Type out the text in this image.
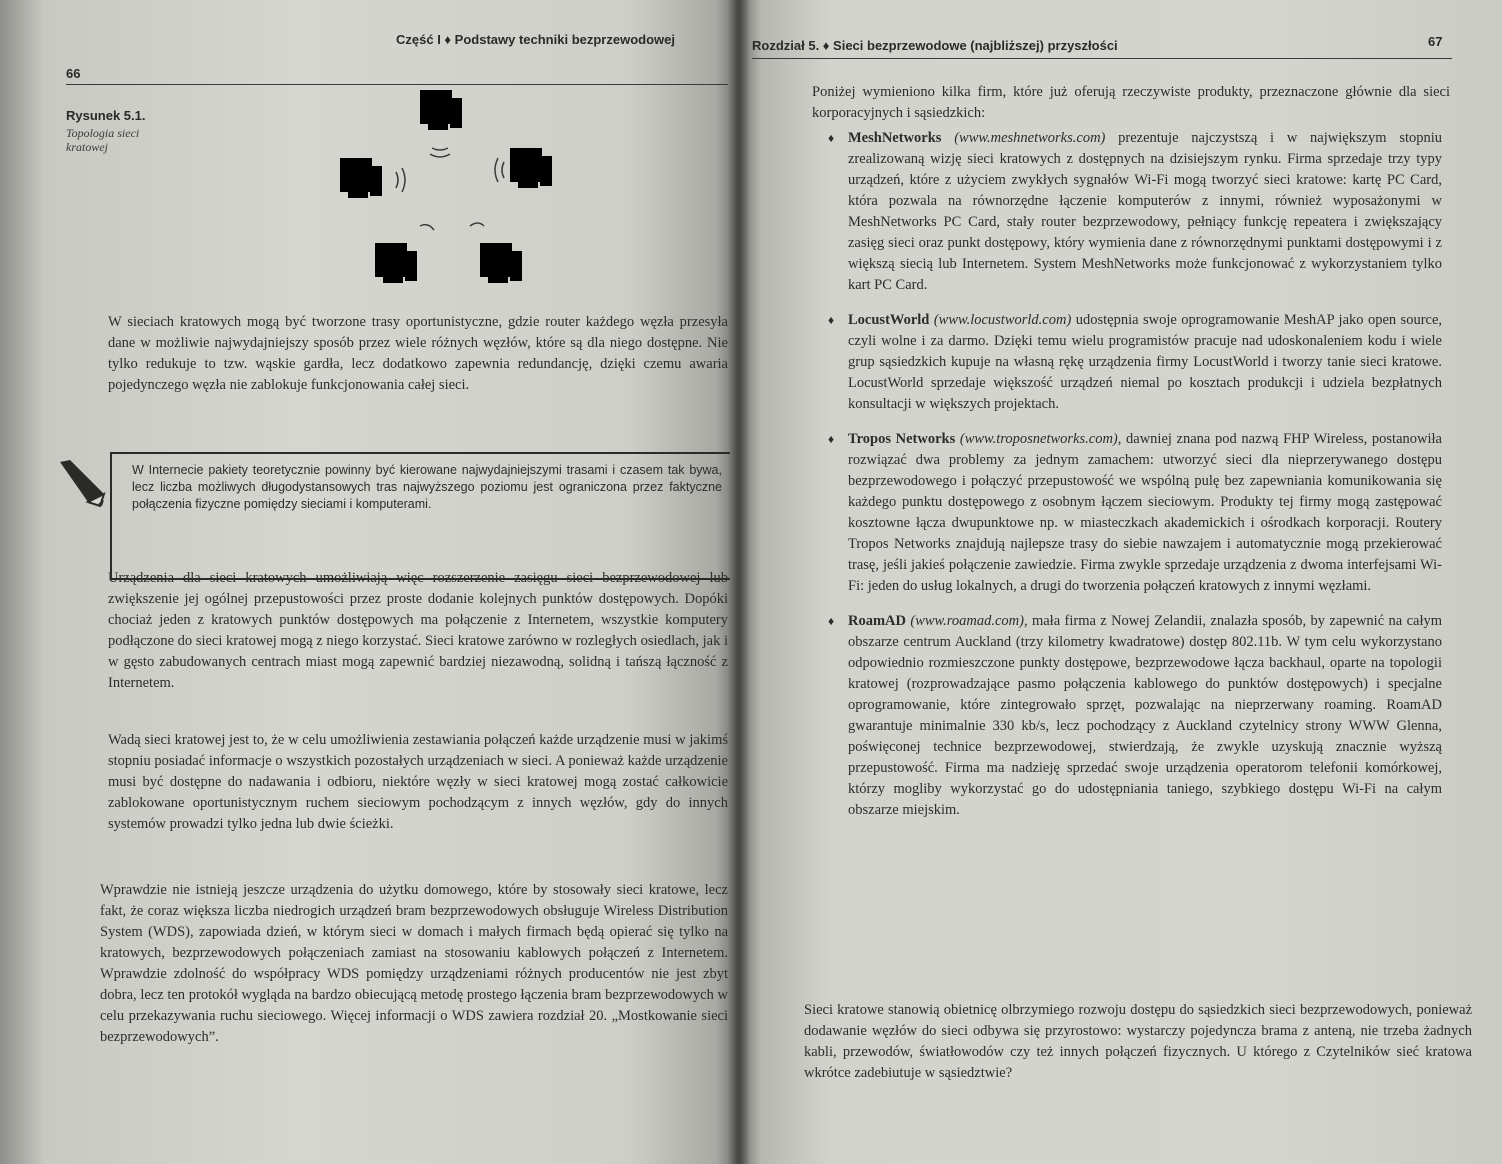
Część I ♦ Podstawy techniki bezprzewodowej
66
Rysunek 5.1.
Topologia sieci kratowej

W sieciach kratowych mogą być tworzone trasy oportunistyczne, gdzie router każdego węzła przesyła dane w możliwie najwydajniejszy sposób przez wiele różnych węzłów, które są dla niego dostępne. Nie tylko redukuje to tzw. wąskie gardła, lecz dodatkowo zapewnia redundancję, dzięki czemu awaria pojedynczego węzła nie zablokuje funkcjonowania całej sieci.

W Internecie pakiety teoretycznie powinny być kierowane najwydajniejszymi trasami i czasem tak bywa, lecz liczba możliwych długodystansowych tras najwyższego poziomu jest ograniczona przez faktyczne połączenia fizyczne pomiędzy sieciami i komputerami.

Urządzenia dla sieci kratowych umożliwiają więc rozszerzenie zasięgu sieci bezprzewodowej lub zwiększenie jej ogólnej przepustowości przez proste dodanie kolejnych punktów dostępowych. Dopóki chociaż jeden z kratowych punktów dostępowych ma połączenie z Internetem, wszystkie komputery podłączone do sieci kratowej mogą z niego korzystać. Sieci kratowe zarówno w rozległych osiedlach, jak i w gęsto zabudowanych centrach miast mogą zapewnić bardziej niezawodną, solidną i tańszą łączność z Internetem.

Wadą sieci kratowej jest to, że w celu umożliwienia zestawiania połączeń każde urządzenie musi w jakimś stopniu posiadać informacje o wszystkich pozostałych urządzeniach w sieci. A ponieważ każde urządzenie musi być dostępne do nadawania i odbioru, niektóre węzły w sieci kratowej mogą zostać całkowicie zablokowane oportunistycznym ruchem sieciowym pochodzącym z innych węzłów, gdy do innych systemów prowadzi tylko jedna lub dwie ścieżki.

Wprawdzie nie istnieją jeszcze urządzenia do użytku domowego, które by stosowały sieci kratowe, lecz fakt, że coraz większa liczba niedrogich urządzeń bram bezprzewodowych obsługuje Wireless Distribution System (WDS), zapowiada dzień, w którym sieci w domach i małych firmach będą opierać się tylko na kratowych, bezprzewodowych połączeniach zamiast na stosowaniu kablowych połączeń z Internetem. Wprawdzie zdolność do współpracy WDS pomiędzy urządzeniami różnych producentów nie jest zbyt dobra, lecz ten protokół wygląda na bardzo obiecującą metodę prostego łączenia bram bezprzewodowych w celu przekazywania ruchu sieciowego. Więcej informacji o WDS zawiera rozdział 20. „Mostkowanie sieci bezprzewodowych”.

Rozdział 5. ♦ Sieci bezprzewodowe (najbliższej) przyszłości	67

Poniżej wymieniono kilka firm, które już oferują rzeczywiste produkty, przeznaczone głównie dla sieci korporacyjnych i sąsiedzkich:

♦ MeshNetworks (www.meshnetworks.com) prezentuje najczystszą i w największym stopniu zrealizowaną wizję sieci kratowych z dostępnych na dzisiejszym rynku. Firma sprzedaje trzy typy urządzeń, które z użyciem zwykłych sygnałów Wi-Fi mogą tworzyć sieci kratowe: kartę PC Card, która pozwala na równorzędne łączenie komputerów z innymi, również wyposażonymi w MeshNetworks PC Card, stały router bezprzewodowy, pełniący funkcję repeatera i zwiększający zasięg sieci oraz punkt dostępowy, który wymienia dane z równorzędnymi punktami dostępowymi i z większą siecią lub Internetem. System MeshNetworks może funkcjonować z wykorzystaniem tylko kart PC Card.
♦ LocustWorld (www.locustworld.com) udostępnia swoje oprogramowanie MeshAP jako open source, czyli wolne i za darmo. Dzięki temu wielu programistów pracuje nad udoskonaleniem kodu i wiele grup sąsiedzkich kupuje na własną rękę urządzenia firmy LocustWorld i tworzy tanie sieci kratowe. LocustWorld sprzedaje większość urządzeń niemal po kosztach produkcji i udziela bezpłatnych konsultacji w większych projektach.
♦ Tropos Networks (www.troposnetworks.com), dawniej znana pod nazwą FHP Wireless, postanowiła rozwiązać dwa problemy za jednym zamachem: utworzyć sieci dla nieprzerywanego dostępu bezprzewodowego i połączyć przepustowość we wspólną pulę bez zapewniania komunikowania się każdego punktu dostępowego z osobnym łączem sieciowym. Produkty tej firmy mogą zastępować kosztowne łącza dwupunktowe np. w miasteczkach akademickich i ośrodkach korporacji. Routery Tropos Networks znajdują najlepsze trasy do siebie nawzajem i automatycznie mogą przekierować trasę, jeśli jakieś połączenie zawiedzie. Firma zwykle sprzedaje urządzenia z dwoma interfejsami Wi-Fi: jeden do usług lokalnych, a drugi do tworzenia połączeń kratowych z innymi węzłami.
♦ RoamAD (www.roamad.com), mała firma z Nowej Zelandii, znalazła sposób, by zapewnić na całym obszarze centrum Auckland (trzy kilometry kwadratowe) dostęp 802.11b. W tym celu wykorzystano odpowiednio rozmieszczone punkty dostępowe, bezprzewodowe łącza backhaul, oparte na topologii kratowej (rozprowadzające pasmo połączenia kablowego do punktów dostępowych) i specjalne oprogramowanie, które zintegrowało sprzęt, pozwalając na nieprzerwany roaming. RoamAD gwarantuje minimalnie 330 kb/s, lecz pochodzący z Auckland czytelnicy strony WWW Glenna, poświęconej technice bezprzewodowej, stwierdzają, że zwykle uzyskują znacznie wyższą przepustowość. Firma ma nadzieję sprzedać swoje urządzenia operatorom telefonii komórkowej, którzy mogliby wykorzystać go do udostępniania taniego, szybkiego dostępu Wi-Fi na całym obszarze miejskim.

Sieci kratowe stanowią obietnicę olbrzymiego rozwoju dostępu do sąsiedzkich sieci bezprzewodowych, ponieważ dodawanie węzłów do sieci odbywa się przyrostowo: wystarczy pojedyncza brama z anteną, nie trzeba żadnych kabli, przewodów, światłowodów czy też innych połączeń fizycznych. U którego z Czytelników sieć kratowa wkrótce zadebiutuje w sąsiedztwie?
